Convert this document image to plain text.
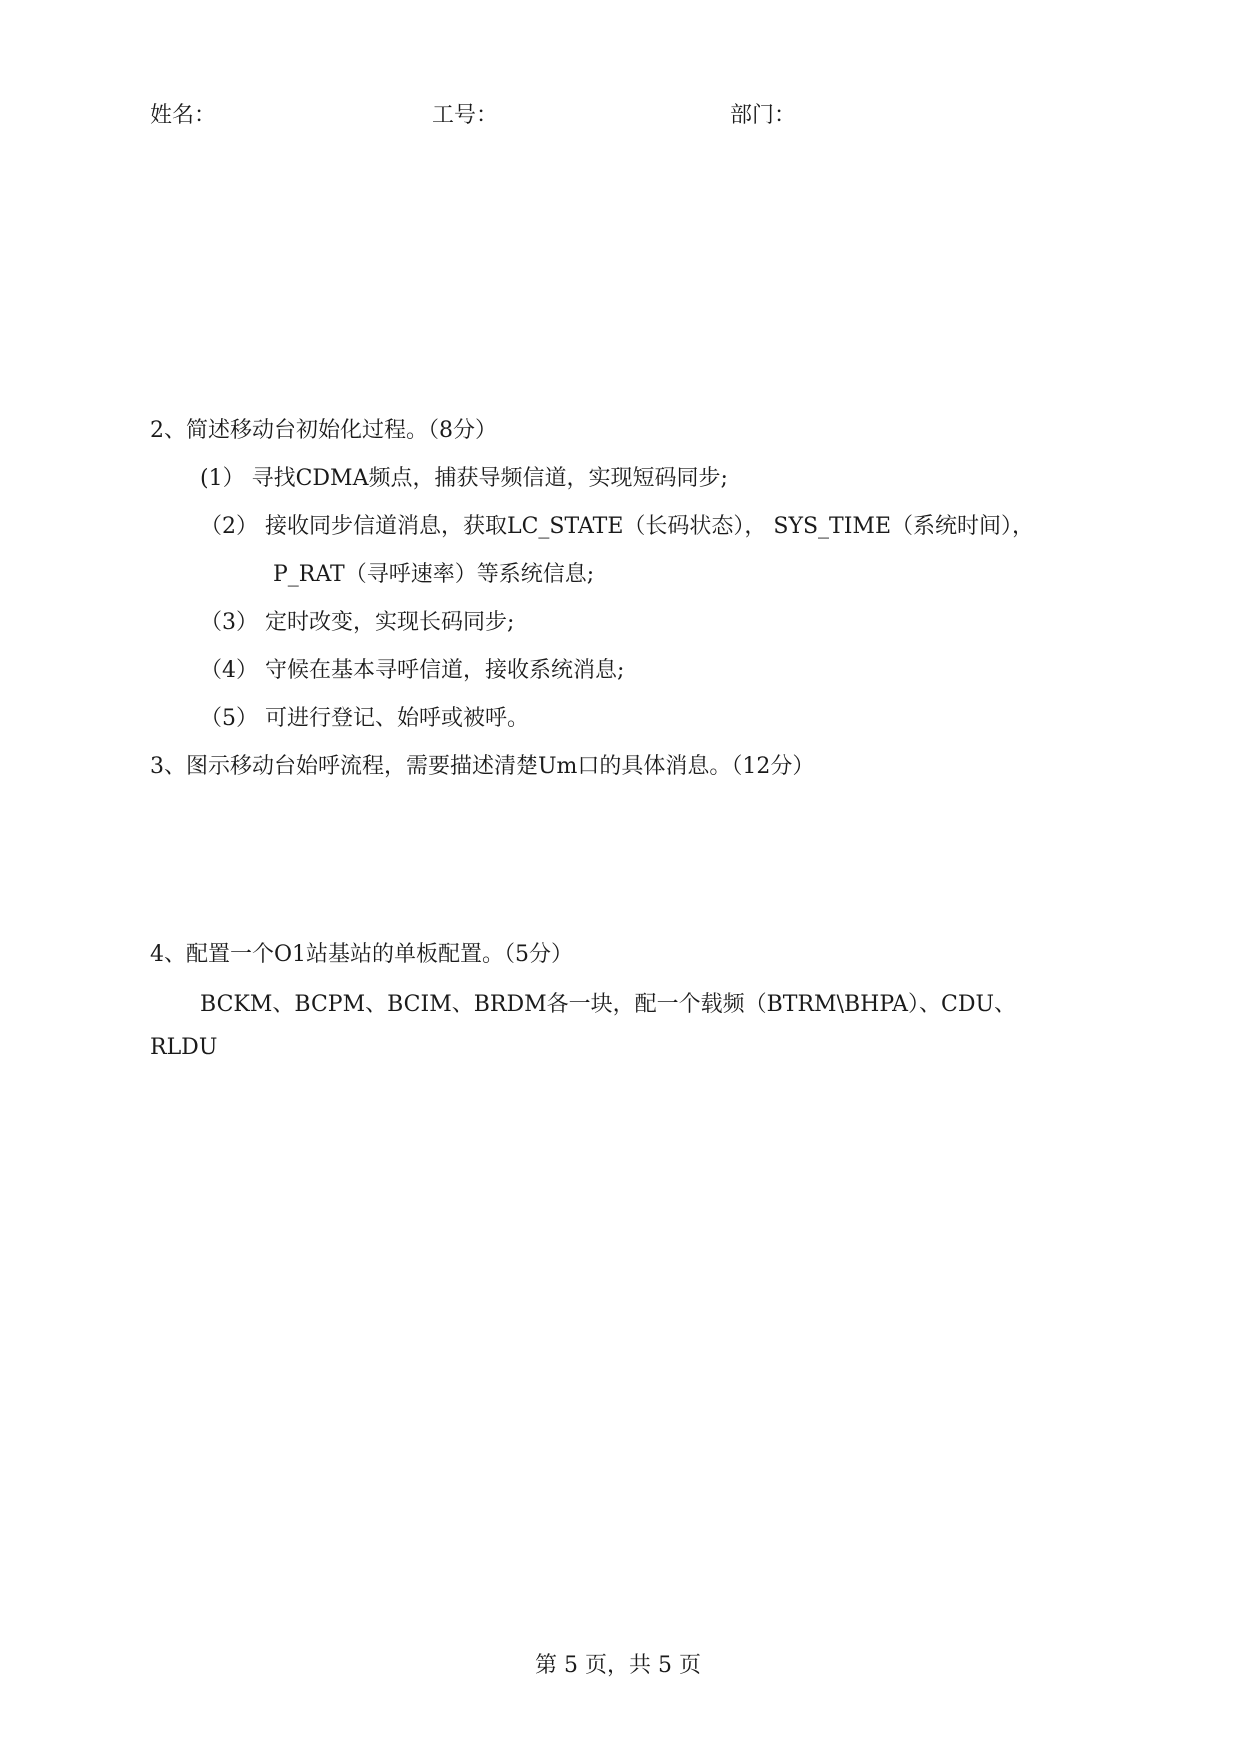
姓名：	工号：	部门：
2、简述移动台初始化过程。（8分）
(1） 寻找CDMA频点，捕获导频信道，实现短码同步;
（2） 接收同步信道消息，获取LC_STATE（长码状态）， SYS_TIME（系统时间），
P_RAT（寻呼速率）等系统信息;
（3） 定时改变，实现长码同步;
（4） 守候在基本寻呼信道，接收系统消息;
（5） 可进行登记、始呼或被呼。
3、图示移动台始呼流程，需要描述清楚Um口的具体消息。（12分）
4、配置一个O1站基站的单板配置。（5分）
BCKM、BCPM、BCIM、BRDM各一块，配一个载频（BTRM\BHPA）、CDU、
RLDU
第 5 页，共 5 页
